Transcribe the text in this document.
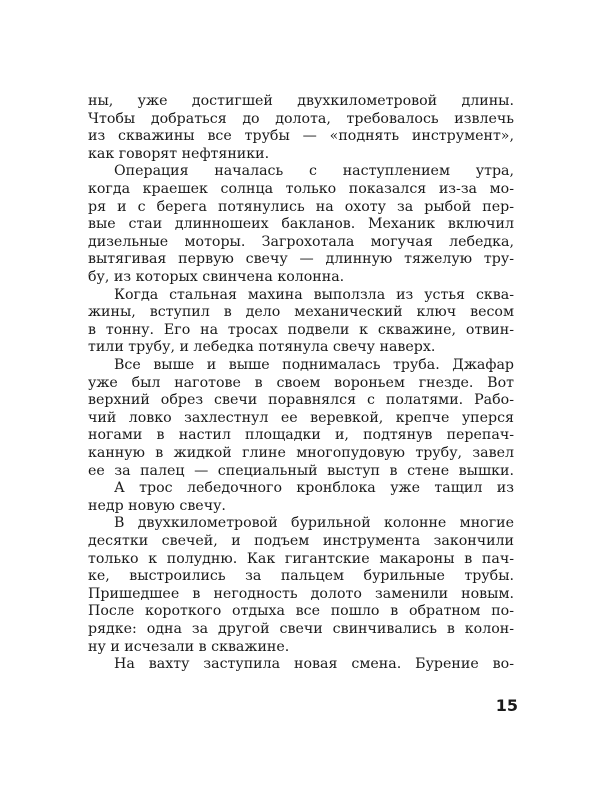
ны, уже достигшей двухкилометровой длины.
Чтобы добраться до долота, требовалось извлечь
из скважины все трубы — «поднять инструмент»,
как говорят нефтяники.
Операция началась с наступлением утра,
когда краешек солнца только показался из-за мо-
ря и с берега потянулись на охоту за рыбой пер-
вые стаи длинношеих бакланов. Механик включил
дизельные моторы. Загрохотала могучая лебедка,
вытягивая первую свечу — длинную тяжелую тру-
бу, из которых свинчена колонна.
Когда стальная махина выползла из устья сква-
жины, вступил в дело механический ключ весом
в тонну. Его на тросах подвели к скважине, отвин-
тили трубу, и лебедка потянула свечу наверх.
Все выше и выше поднималась труба. Джафар
уже был наготове в своем вороньем гнезде. Вот
верхний обрез свечи поравнялся с полатями. Рабо-
чий ловко захлестнул ее веревкой, крепче уперся
ногами в настил площадки и, подтянув перепач-
канную в жидкой глине многопудовую трубу, завел
ее за палец — специальный выступ в стене вышки.
А трос лебедочного кронблока уже тащил из
недр новую свечу.
В двухкилометровой бурильной колонне многие
десятки свечей, и подъем инструмента закончили
только к полудню. Как гигантские макароны в пач-
ке, выстроились за пальцем бурильные трубы.
Пришедшее в негодность долото заменили новым.
После короткого отдыха все пошло в обратном по-
рядке: одна за другой свечи свинчивались в колон-
ну и исчезали в скважине.
На вахту заступила новая смена. Бурение во-
15
